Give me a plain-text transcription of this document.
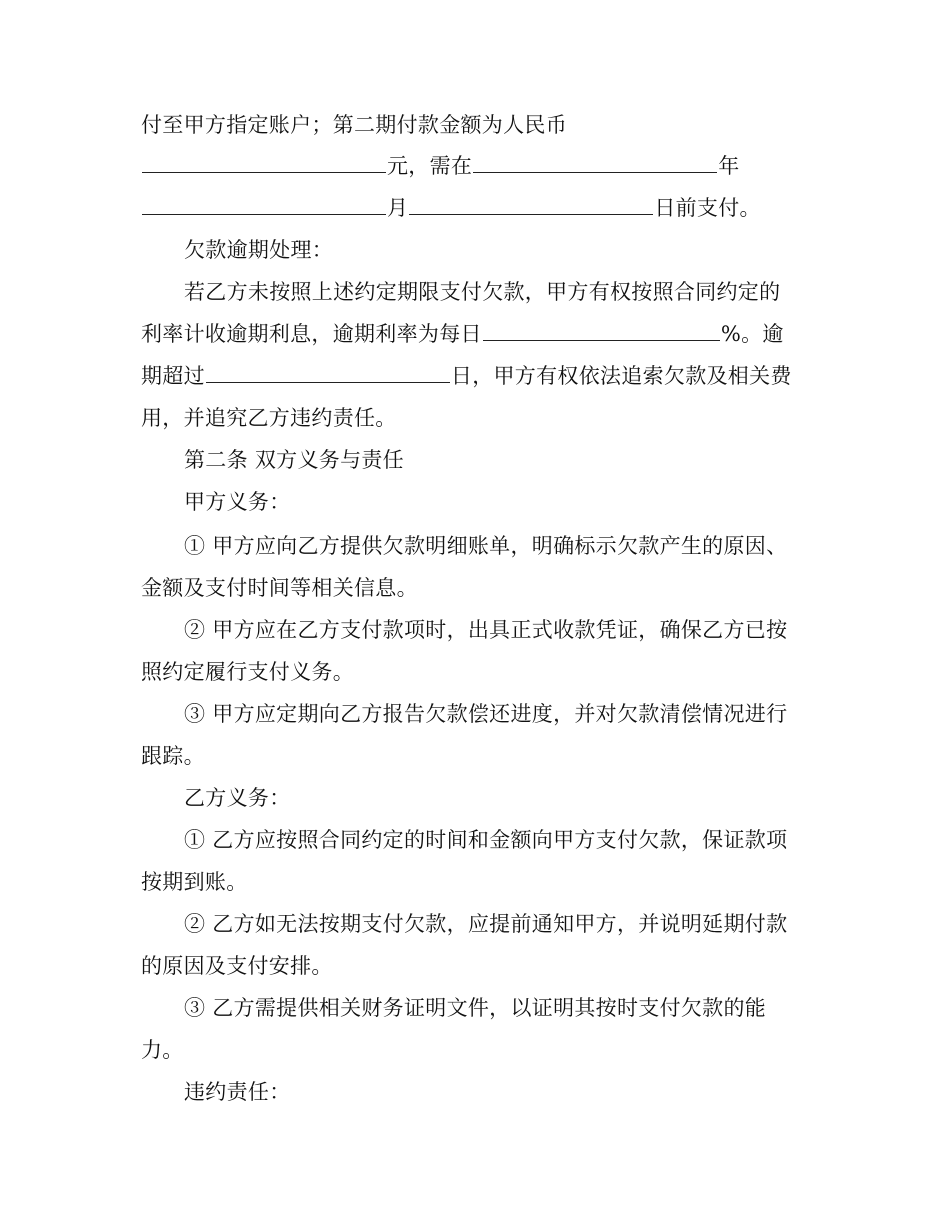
付至甲方指定账户；第二期付款金额为人民币
元，需在	年
月	日前支付。
欠款逾期处理：
若乙方未按照上述约定期限支付欠款，甲方有权按照合同约定的
利率计收逾期利息，逾期利率为每日	%。逾
期超过	日，甲方有权依法追索欠款及相关费
用，并追究乙方违约责任。
第二条 双方义务与责任
甲方义务：
① 甲方应向乙方提供欠款明细账单，明确标示欠款产生的原因、
金额及支付时间等相关信息。
② 甲方应在乙方支付款项时，出具正式收款凭证，确保乙方已按
照约定履行支付义务。
③ 甲方应定期向乙方报告欠款偿还进度，并对欠款清偿情况进行
跟踪。
乙方义务：
① 乙方应按照合同约定的时间和金额向甲方支付欠款，保证款项
按期到账。
② 乙方如无法按期支付欠款，应提前通知甲方，并说明延期付款
的原因及支付安排。
③ 乙方需提供相关财务证明文件，以证明其按时支付欠款的能
力。
违约责任：
